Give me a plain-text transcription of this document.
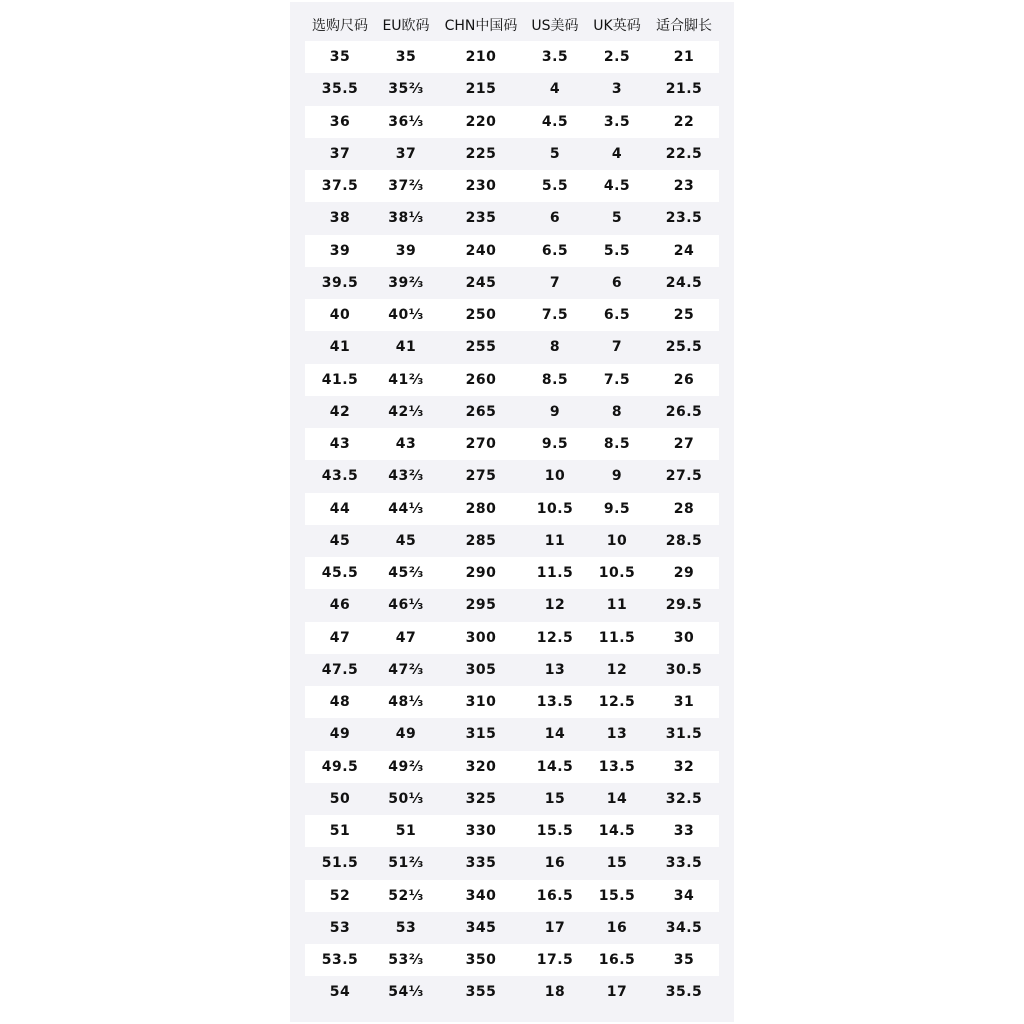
选购尺码	EU欧码	CHN中国码	US美码	UK英码	适合脚长
35	35	210	3.5	2.5	21
35.5	35⅔	215	4	3	21.5
36	36⅓	220	4.5	3.5	22
37	37	225	5	4	22.5
37.5	37⅔	230	5.5	4.5	23
38	38⅓	235	6	5	23.5
39	39	240	6.5	5.5	24
39.5	39⅔	245	7	6	24.5
40	40⅓	250	7.5	6.5	25
41	41	255	8	7	25.5
41.5	41⅔	260	8.5	7.5	26
42	42⅓	265	9	8	26.5
43	43	270	9.5	8.5	27
43.5	43⅔	275	10	9	27.5
44	44⅓	280	10.5	9.5	28
45	45	285	11	10	28.5
45.5	45⅔	290	11.5	10.5	29
46	46⅓	295	12	11	29.5
47	47	300	12.5	11.5	30
47.5	47⅔	305	13	12	30.5
48	48⅓	310	13.5	12.5	31
49	49	315	14	13	31.5
49.5	49⅔	320	14.5	13.5	32
50	50⅓	325	15	14	32.5
51	51	330	15.5	14.5	33
51.5	51⅔	335	16	15	33.5
52	52⅓	340	16.5	15.5	34
53	53	345	17	16	34.5
53.5	53⅔	350	17.5	16.5	35
54	54⅓	355	18	17	35.5
